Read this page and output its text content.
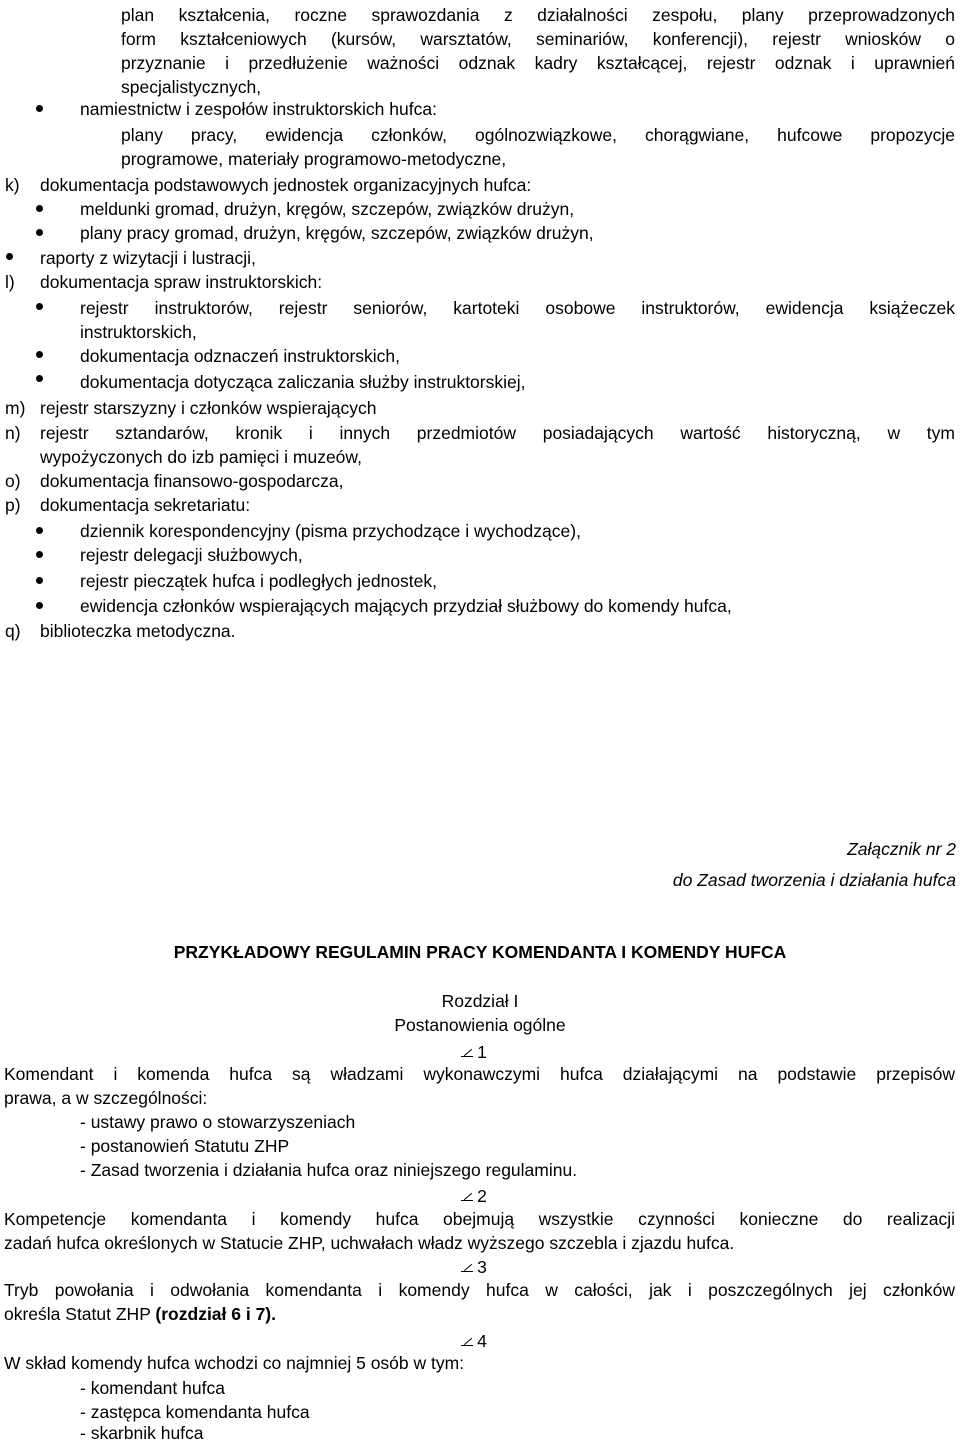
plan kształcenia, roczne sprawozdania z działalności zespołu, plany przeprowadzonych
form kształceniowych (kursów, warsztatów, seminariów, konferencji), rejestr wniosków o
przyznanie i przedłużenie ważności odznak kadry kształcącej, rejestr odznak i uprawnień
specjalistycznych,
namiestnictw i zespołów instruktorskich hufca:
plany pracy, ewidencja członków, ogólnozwiązkowe, chorągwiane, hufcowe propozycje
programowe, materiały programowo-metodyczne,
k) dokumentacja podstawowych jednostek organizacyjnych hufca:
meldunki gromad, drużyn, kręgów, szczepów, związków drużyn,
plany pracy gromad, drużyn, kręgów, szczepów, związków drużyn,
raporty z wizytacji i lustracji,
l) dokumentacja spraw instruktorskich:
rejestr instruktorów, rejestr seniorów, kartoteki osobowe instruktorów, ewidencja książeczek
instruktorskich,
dokumentacja odznaczeń instruktorskich,
dokumentacja dotycząca zaliczania służby instruktorskiej,
m) rejestr starszyzny i członków wspierających
n) rejestr sztandarów, kronik i innych przedmiotów posiadających wartość historyczną, w tym
wypożyczonych do izb pamięci i muzeów,
o) dokumentacja finansowo-gospodarcza,
p) dokumentacja sekretariatu:
dziennik korespondencyjny (pisma przychodzące i wychodzące),
rejestr delegacji służbowych,
rejestr pieczątek hufca i podległych jednostek,
ewidencja członków wspierających mających przydział służbowy do komendy hufca,
q) biblioteczka metodyczna.
Załącznik nr 2
do Zasad tworzenia i działania hufca
PRZYKŁADOWY REGULAMIN PRACY KOMENDANTA I KOMENDY HUFCA
Rozdział I
Postanowienia ogólne
1
Komendant i komenda hufca są władzami wykonawczymi hufca działającymi na podstawie przepisów
prawa, a w szczególności:
- ustawy prawo o stowarzyszeniach
- postanowień Statutu ZHP
- Zasad tworzenia i działania hufca oraz niniejszego regulaminu.
2
Kompetencje komendanta i komendy hufca obejmują wszystkie czynności konieczne do realizacji
zadań hufca określonych w Statucie ZHP, uchwałach władz wyższego szczebla i zjazdu hufca.
3
Tryb powołania i odwołania komendanta i komendy hufca w całości, jak i poszczególnych jej członków
określa Statut ZHP (rozdział 6 i 7).
4
W skład komendy hufca wchodzi co najmniej 5 osób w tym:
- komendant hufca
- zastępca komendanta hufca
- skarbnik hufca
